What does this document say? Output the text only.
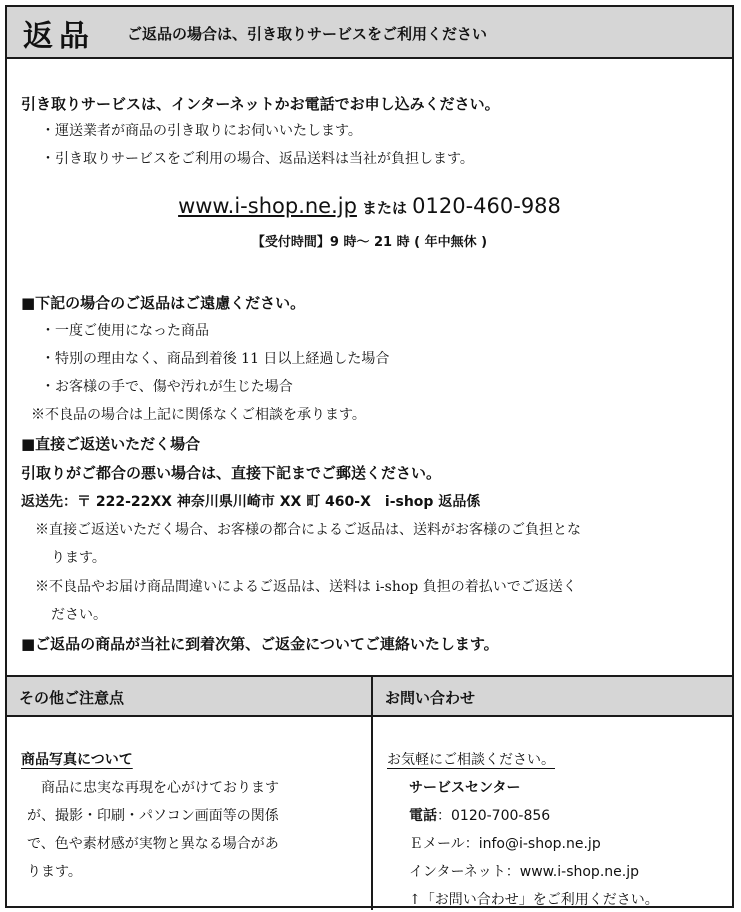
返品 ご返品の場合は、引き取りサービスをご利用ください
引き取りサービスは、インターネットかお電話でお申し込みください。
・運送業者が商品の引き取りにお伺いいたします。
・引き取りサービスをご利用の場合、返品送料は当社が負担します。
www.i-shop.ne.jp または 0120-460-988
【受付時間】9 時～ 21 時 ( 年中無休 )
■下記の場合のご返品はご遠慮ください。
・一度ご使用になった商品
・特別の理由なく、商品到着後 11 日以上経過した場合
・お客様の手で、傷や汚れが生じた場合
※不良品の場合は上記に関係なくご相談を承ります。
■直接ご返送いただく場合
引取りがご都合の悪い場合は、直接下記までご郵送ください。
返送先：〒 222-22XX 神奈川県川崎市 XX 町 460-X　i-shop 返品係
※直接ご返送いただく場合、お客様の都合によるご返品は、送料がお客様のご負担とな
ります。
※不良品やお届け商品間違いによるご返品は、送料は i-shop 負担の着払いでご返送く
ださい。
■ご返品の商品が当社に到着次第、ご返金についてご連絡いたします。
その他ご注意点	お問い合わせ
商品写真について
商品に忠実な再現を心がけております
が、撮影・印刷・パソコン画面等の関係
で、色や素材感が実物と異なる場合があ
ります。
お気軽にご相談ください。
サービスセンター
電話：0120-700-856
Ｅメール：info@i-shop.ne.jp
インターネット：www.i-shop.ne.jp
↑「お問い合わせ」をご利用ください。
